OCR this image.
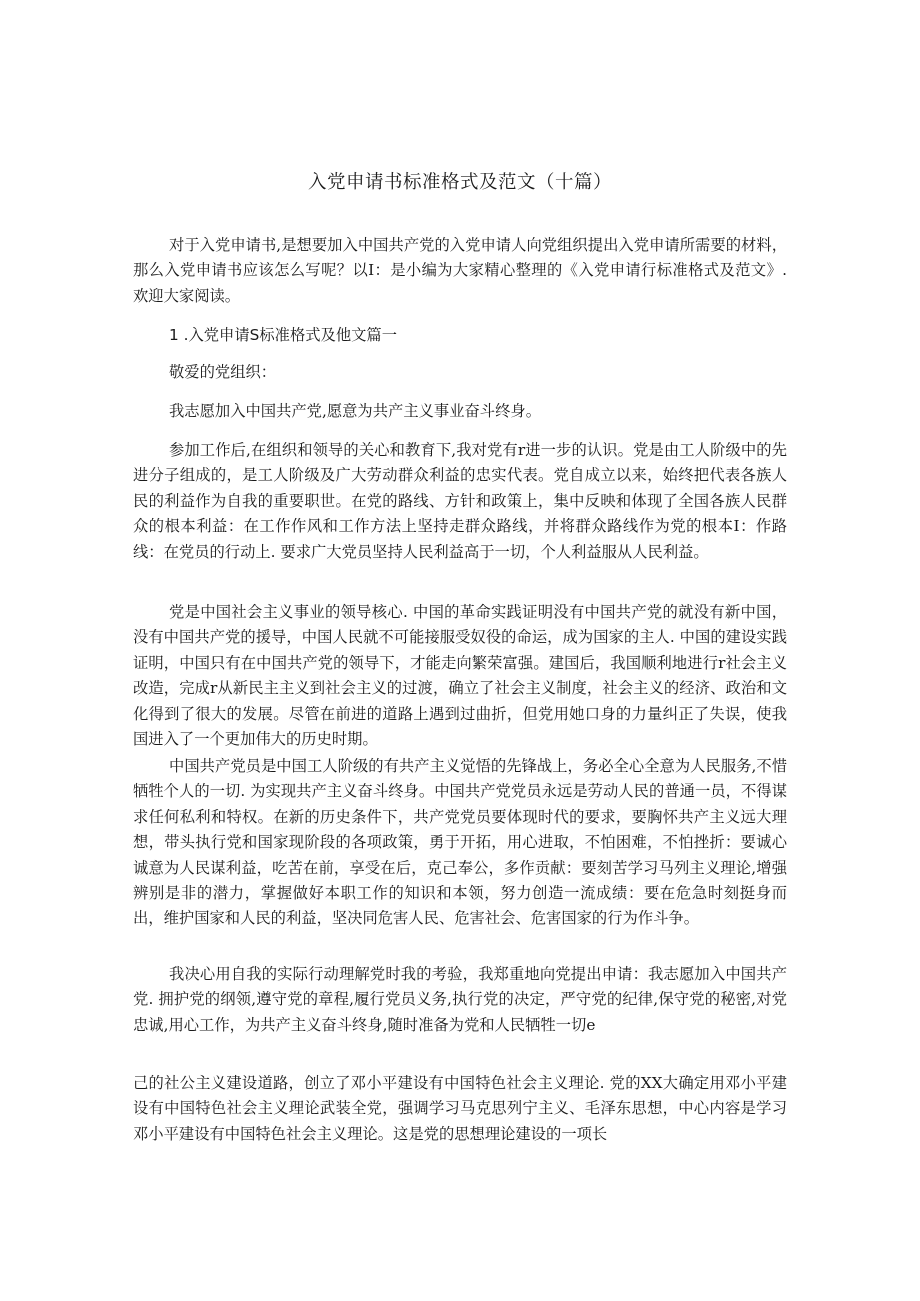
入党申请书标准格式及范文（十篇）

对于入党申请书,是想要加入中国共产党的入党申请人向党组织提出入党申请所需要的材料，那么入党申请书应该怎么写呢？以I：是小编为大家精心整理的《入党申请行标准格式及范文》. 欢迎大家阅读。

1 .入党申请S标准格式及他文篇一

敬爱的党组织：

我志愿加入中国共产党,愿意为共产主义事业奋斗终身。

参加工作后,在组织和领导的关心和教育下,我对党有r进一步的认识。党是由工人阶级中的先进分子组成的，是工人阶级及广大劳动群众利益的忠实代表。党自成立以来，始终把代表各族人民的利益作为自我的重要职世。在党的路线、方针和政策上，集中反映和体现了全国各族人民群众的根本利益：在工作作风和工作方法上坚持走群众路线，并将群众路线作为党的根本I：作路线：在党员的行动上. 要求广大党员坚持人民利益高于一切，个人利益服从人民利益。

党是中国社会主义事业的领导核心. 中国的革命实践证明没有中国共产党的就没有新中国，没有中国共产党的援导，中国人民就不可能接服受奴役的命运，成为国家的主人. 中国的建设实践证明，中国只有在中国共产党的领导下，才能走向繁荣富强。建国后，我国顺利地进行r社会主义改造，完成r从新民主主义到社会主义的过渡，确立了社会主义制度，社会主义的经济、政治和文化得到了很大的发展。尽管在前进的道路上遇到过曲折，但党用她口身的力量纠正了失误，使我国进入了一个更加伟大的历史时期。

中国共产党员是中国工人阶级的有共产主义觉悟的先锋战上，务必全心全意为人民服务,不惜牺牲个人的一切. 为实现共产主义奋斗终身。中国共产党党员永远是劳动人民的普通一员，不得谋求任何私利和特权。在新的历史条件下，共产党党员要体现时代的要求，要胸怀共产主义远大理想，带头执行党和国家现阶段的各项政策，勇于开拓，用心进取，不怕困难，不怕挫折：要诚心诚意为人民谋利益，吃苦在前，享受在后，克己奉公，多作贡献：要刻苦学习马列主义理论,增强辨别是非的潜力，掌握做好本职工作的知识和本领，努力创造一流成绩：要在危急时刻挺身而出，维护国家和人民的利益，坚决同危害人民、危害社会、危害国家的行为作斗争。

我决心用自我的实际行动理解党时我的考验，我郑重地向党提出申请：我志愿加入中国共产党. 拥护党的纲领,遵守党的章程,履行党员义务,执行党的决定，严守党的纪律,保守党的秘密,对党忠诚,用心工作，为共产主义奋斗终身,随时准备为党和人民牺牲一切e

己的社公主义建设道路，创立了邓小平建设有中国特色社会主义理论. 党的XX大确定用邓小平建设有中国特色社会主义理论武装全党，强调学习马克思列宁主义、毛泽东思想，中心内容是学习邓小平建设有中国特色社会主义理论。这是党的思想理论建设的一项长
